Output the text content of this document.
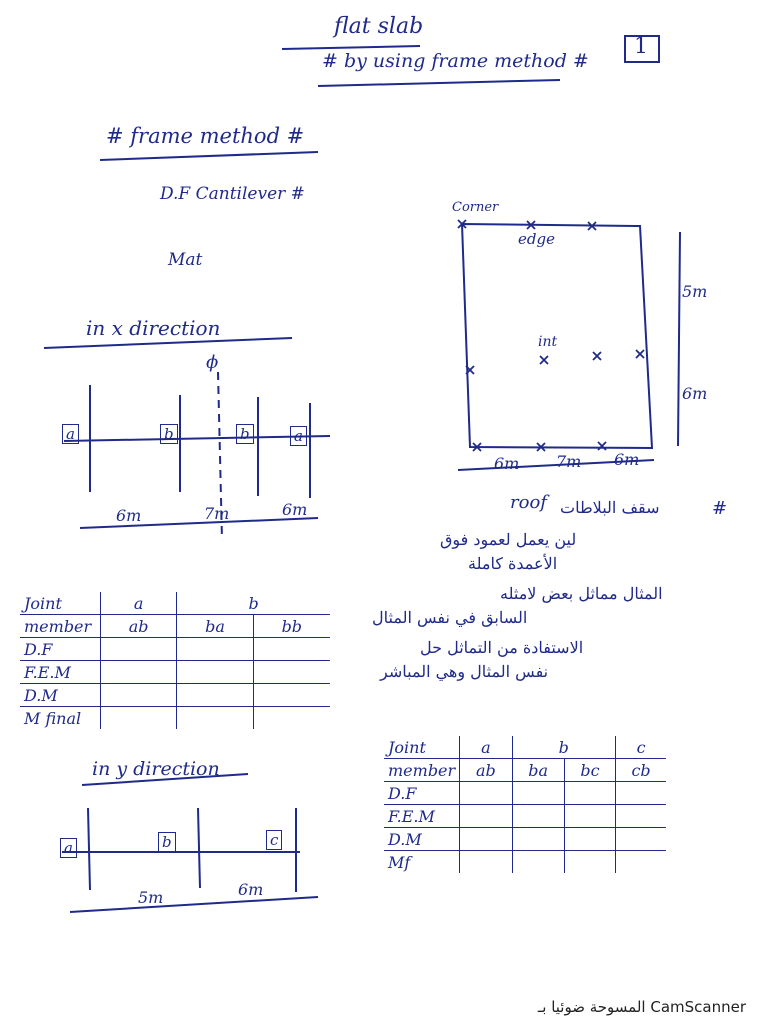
flat slab
# by using frame method #
1
# frame method #
D.F Cantilever #
Mat
in x direction
ϕ
a	b	b	a
6m	7m	6m
Corner
edge
int
5m
6m
6m 7m 6m
roof	#
سقف البلاطات
لين يعمل لعمود فوق
الأعمدة كاملة
المثال مماثل بعض لامثله
السابق في نفس المثال
الاستفادة من التماثل حل
نفس المثال وهي المباشر
Joint	a	b	
member	ab	ba	bb
D.F			
F.E.M			
D.M			
M final			
in y direction
a	b	c
5m	6m
Joint	a	b		c
member	ab	ba	bc	cb
D.F				
F.E.M				
D.M				
Mf				
المسوحة ضوئيا بـ CamScanner
